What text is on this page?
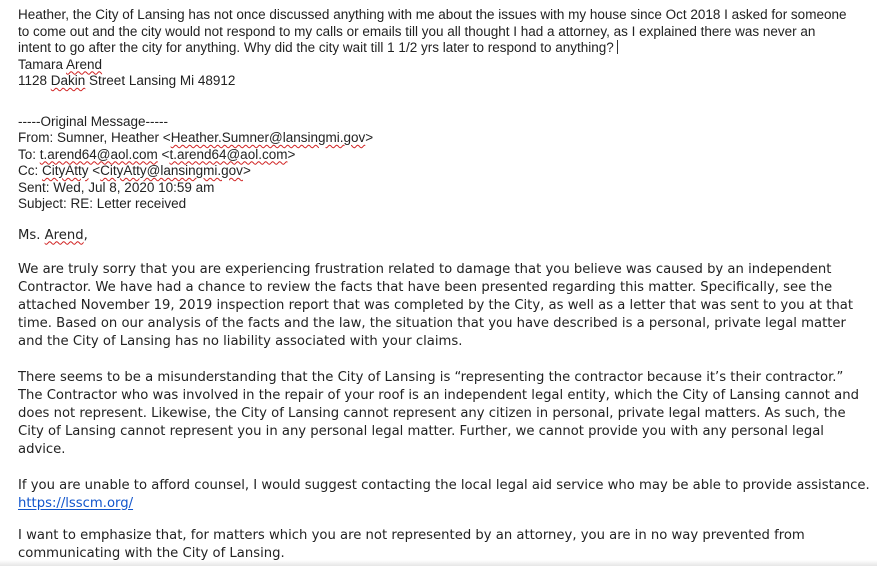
Heather, the City of Lansing has not once discussed anything with me about the issues with my house since Oct 2018 I asked for someone
to come out and the city would not respond to my calls or emails till you all thought I had a attorney, as I explained there was never an
intent to go after the city for anything. Why did the city wait till 1 1/2 yrs later to respond to anything?
Tamara Arend
1128 Dakin Street Lansing Mi 48912
-----Original Message-----
From: Sumner, Heather <Heather.Sumner@lansingmi.gov>
To: t.arend64@aol.com <t.arend64@aol.com>
Cc: CityAtty <CityAtty@lansingmi.gov>
Sent: Wed, Jul 8, 2020 10:59 am
Subject: RE: Letter received

Ms. Arend,

We are truly sorry that you are experiencing frustration related to damage that you believe was caused by an independent Contractor. We have had a chance to review the facts that have been presented regarding this matter. Specifically, see the attached November 19, 2019 inspection report that was completed by the City, as well as a letter that was sent to you at that time. Based on our analysis of the facts and the law, the situation that you have described is a personal, private legal matter and the City of Lansing has no liability associated with your claims.

There seems to be a misunderstanding that the City of Lansing is “representing the contractor because it’s their contractor.” The Contractor who was involved in the repair of your roof is an independent legal entity, which the City of Lansing cannot and does not represent. Likewise, the City of Lansing cannot represent any citizen in personal, private legal matters. As such, the City of Lansing cannot represent you in any personal legal matter. Further, we cannot provide you with any personal legal advice.

If you are unable to afford counsel, I would suggest contacting the local legal aid service who may be able to provide assistance. https://lsscm.org/

I want to emphasize that, for matters which you are not represented by an attorney, you are in no way prevented from communicating with the City of Lansing.
